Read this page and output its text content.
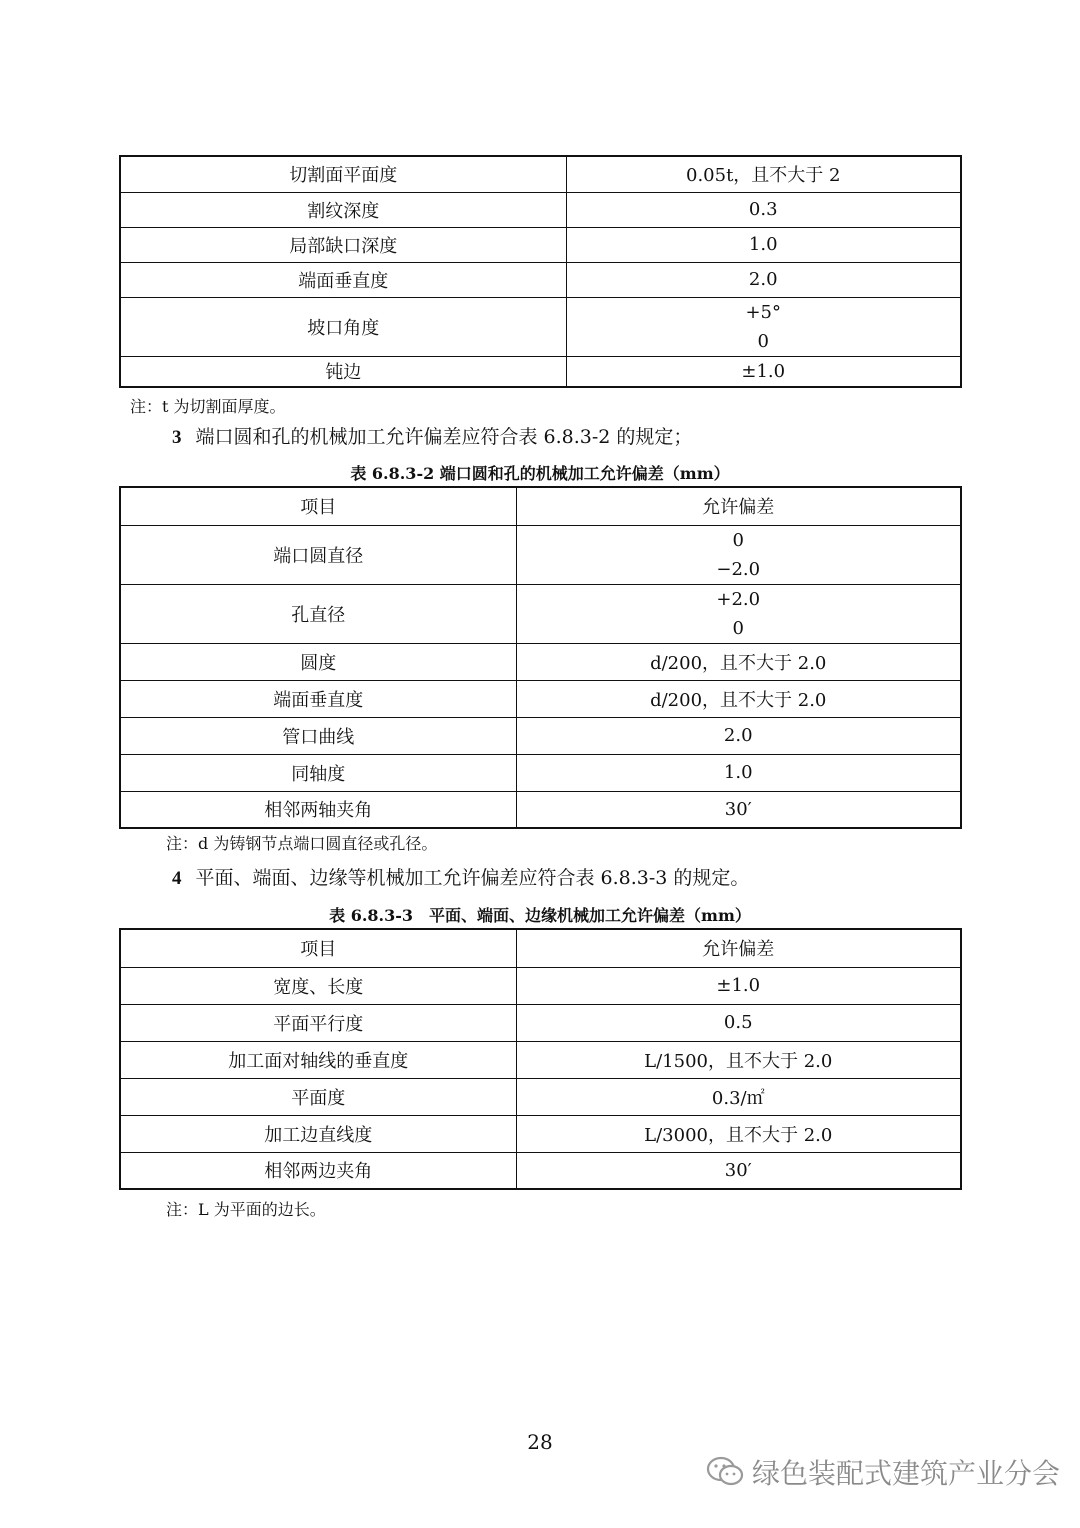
切割面平面度	0.05t，且不大于 2
割纹深度	0.3
局部缺口深度	1.0
端面垂直度	2.0
坡口角度	+5°
0

钝边	±1.0
注：t 为切割面厚度。
3 端口圆和孔的机械加工允许偏差应符合表 6.8.3-2 的规定；
表 6.8.3-2 端口圆和孔的机械加工允许偏差（mm）
项目	允许偏差
端口圆直径	0
−2.0

孔直径	+2.0
0

圆度	d/200，且不大于 2.0
端面垂直度	d/200，且不大于 2.0
管口曲线	2.0
同轴度	1.0
相邻两轴夹角	30′
注：d 为铸钢节点端口圆直径或孔径。
4 平面、端面、边缘等机械加工允许偏差应符合表 6.8.3-3 的规定。
表 6.8.3-3　平面、端面、边缘机械加工允许偏差（mm）
项目	允许偏差
宽度、长度	±1.0
平面平行度	0.5
加工面对轴线的垂直度	L/1500，且不大于 2.0
平面度	0.3/㎡
加工边直线度	L/3000，且不大于 2.0
相邻两边夹角	30′
注：L 为平面的边长。
28
绿色装配式建筑产业分会
